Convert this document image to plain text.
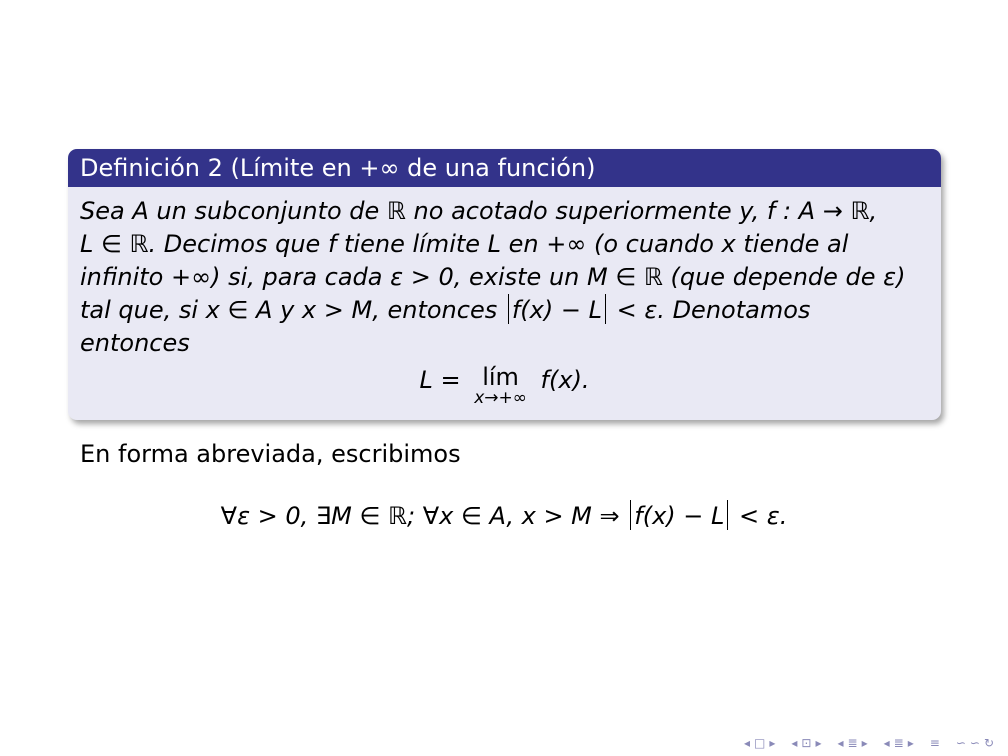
Definición 2 (Límite en +∞ de una función)

Sea A un subconjunto de ℝ no acotado superiormente y, f : A → ℝ,

L ∈ ℝ. Decimos que f tiene límite L en +∞ (o cuando x tiende al

infinito +∞) si, para cada ε > 0, existe un M ∈ ℝ (que depende de ε)

tal que, si x ∈ A y x > M, entonces f(x) − L < ε. Denotamos

entonces

L = lím
x→+∞
f(x).
En forma abreviada, escribimos
∀ε > 0, ∃M ∈ ℝ; ∀x ∈ A, x > M ⇒ f(x) − L < ε.
◂ □ ▸ ◂ ⊡ ▸ ◂ ≣ ▸ ◂ ≣ ▸ ≡ ∽ ∽ ↻
